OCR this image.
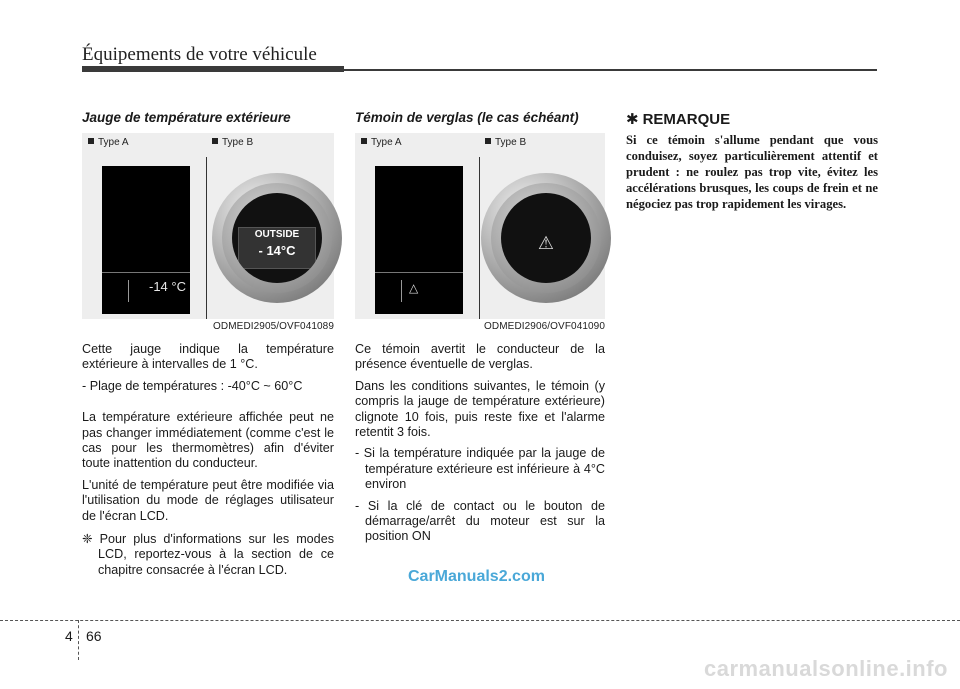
Équipements de votre véhicule
Jauge de température extérieure
Type A	Type B
-14 °C
OUTSIDE
- 14°C
ODMEDI2905/OVF041089

Cette jauge indique la température extérieure à intervalles de 1 °C.

- Plage de températures : -40°C ~ 60°C

La température extérieure affichée peut ne pas changer immédiatement (comme c'est le cas pour les thermomètres) afin d'éviter toute inattention du conducteur.

L'unité de température peut être modifiée via l'utilisation du mode de réglages utilisateur de l'écran LCD.

❈ Pour plus d'informations sur les modes LCD, reportez-vous à la section de ce chapitre consacrée à l'écran LCD.

Témoin de verglas (le cas échéant)
Type A	Type B
△
⚠
ODMEDI2906/OVF041090

Ce témoin avertit le conducteur de la présence éventuelle de verglas.

Dans les conditions suivantes, le témoin (y compris la jauge de température extérieure) clignote 10 fois, puis reste fixe et l'alarme retentit 3 fois.

- Si la température indiquée par la jauge de température extérieure est inférieure à 4°C environ

- Si la clé de contact ou le bouton de démarrage/arrêt du moteur est sur la position ON

✱ REMARQUE

Si ce témoin s'allume pendant que vous conduisez, soyez particulièrement attentif et prudent : ne roulez pas trop vite, évitez les accélérations brusques, les coups de frein et ne négociez pas trop rapidement les virages.

CarManuals2.com
4 66
carmanualsonline.info
